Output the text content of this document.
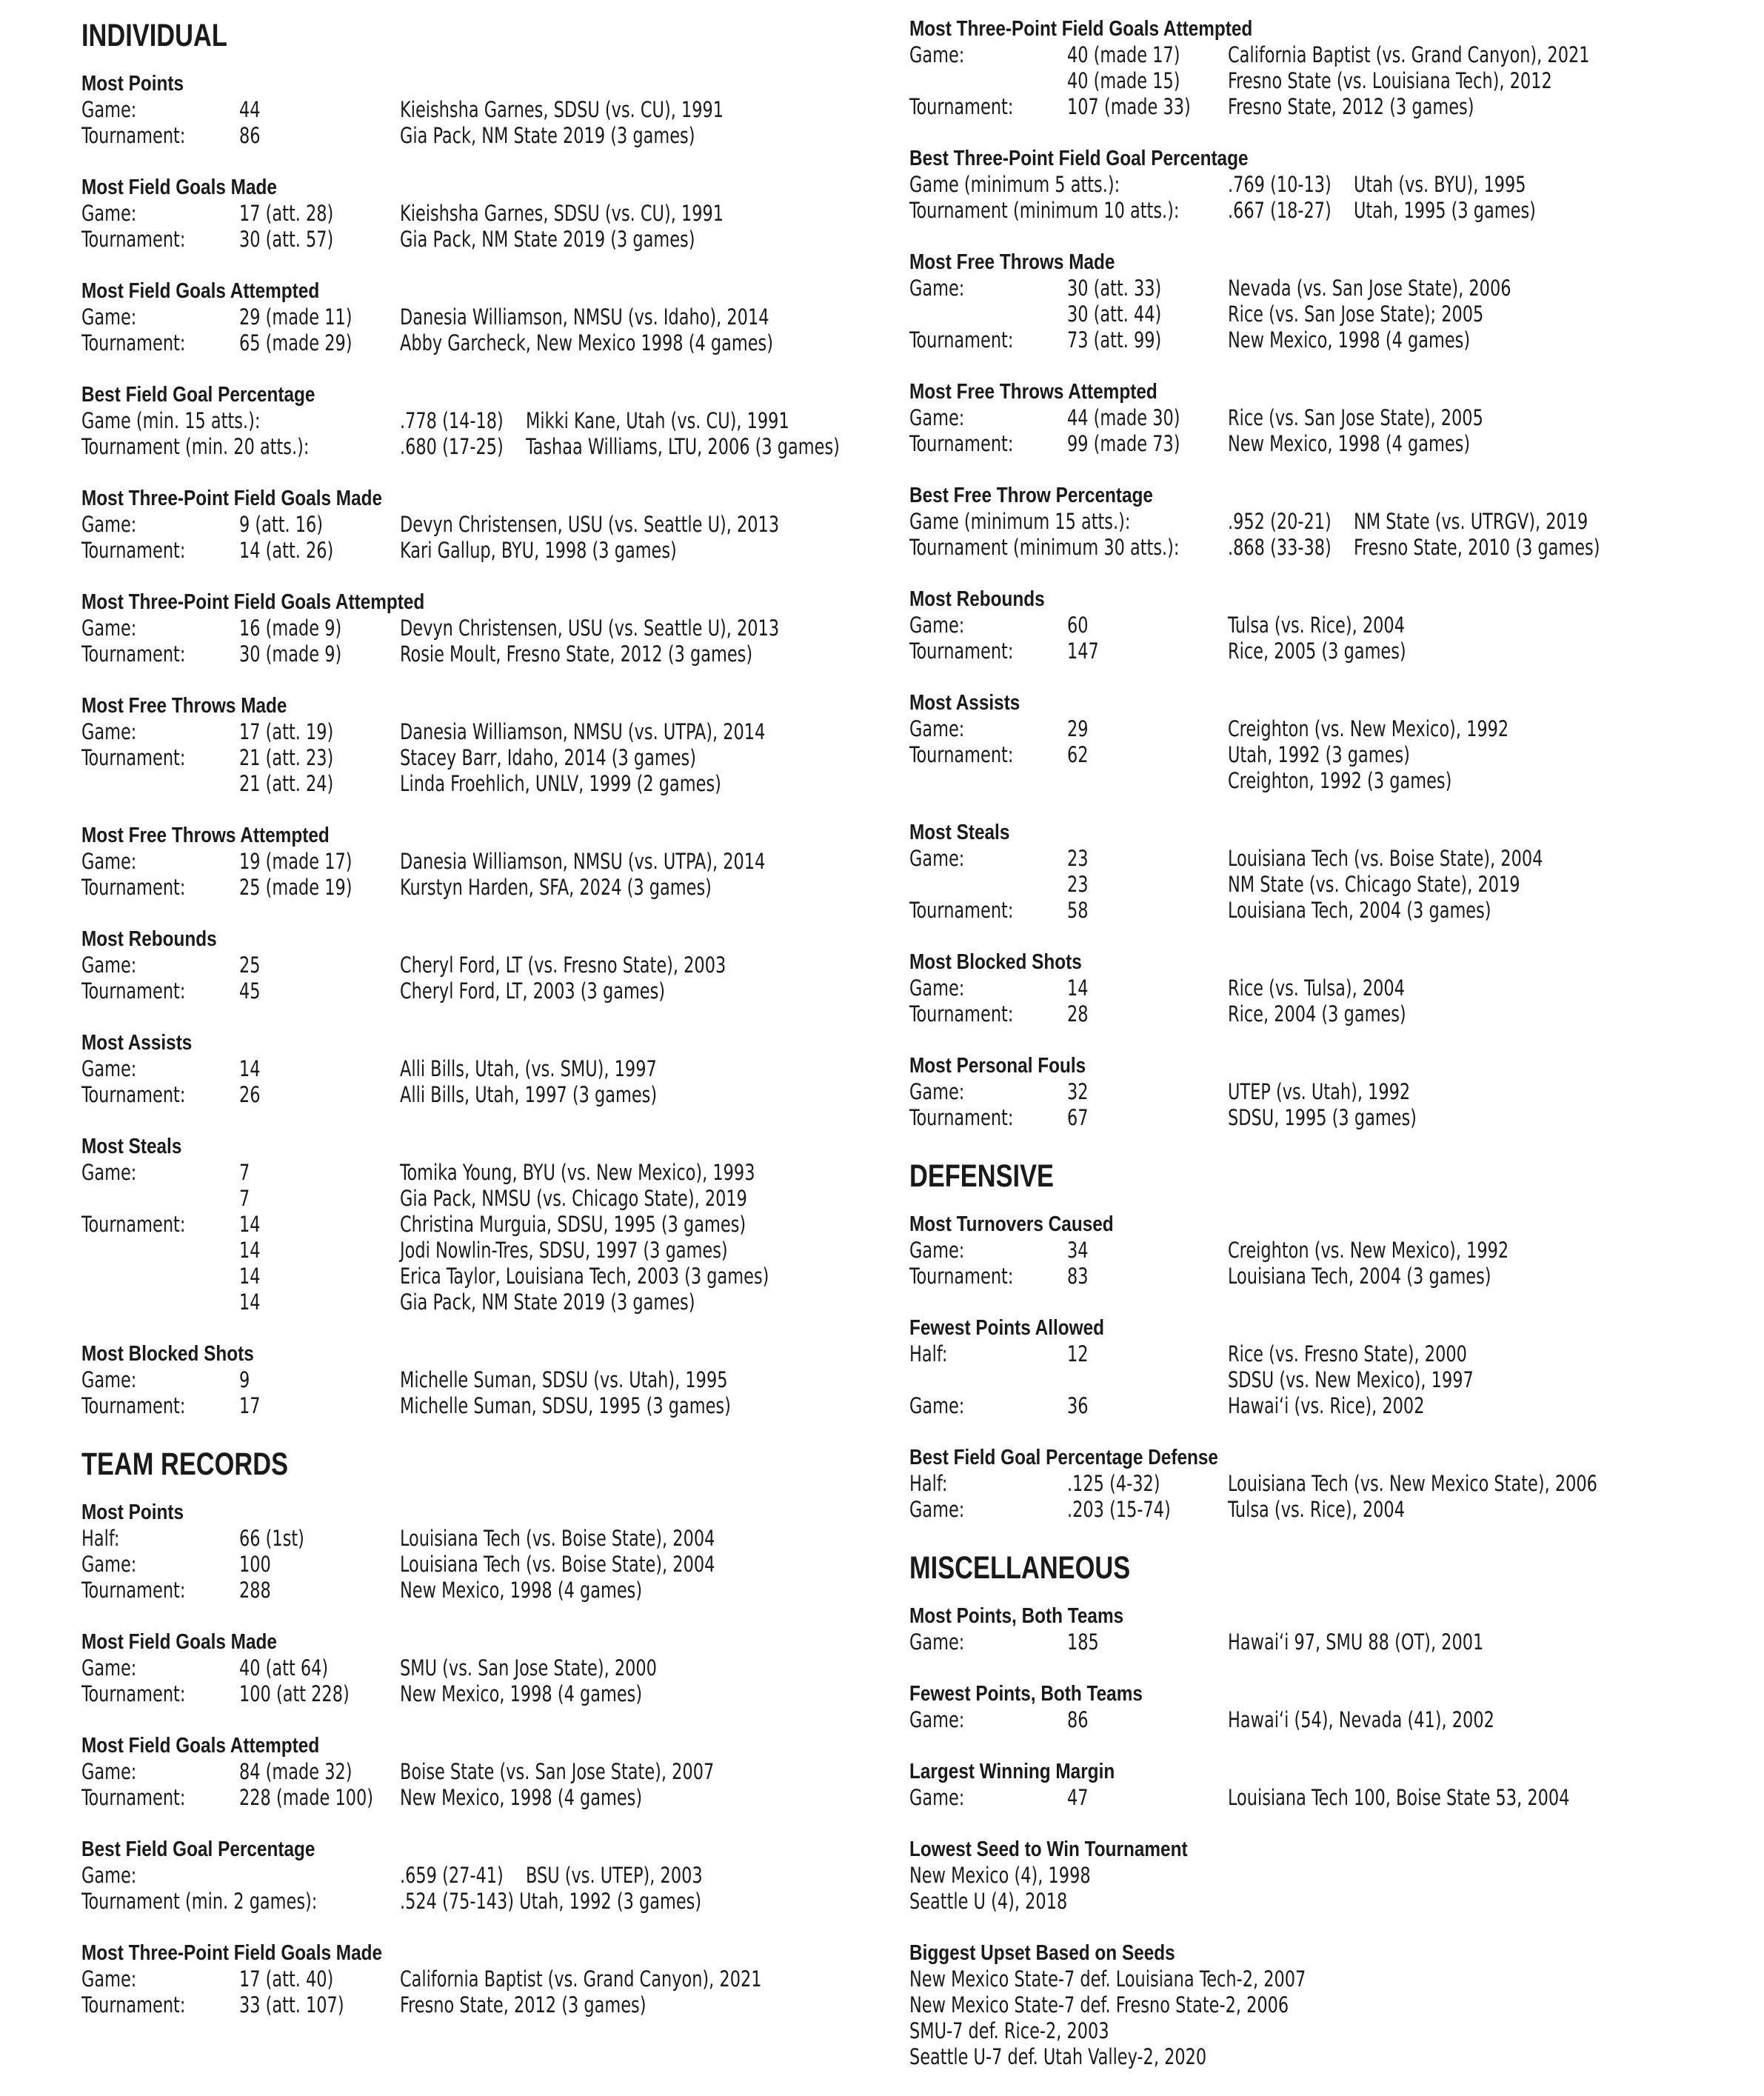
INDIVIDUAL
Most Points
Game:	44	Kieishsha Garnes, SDSU (vs. CU), 1991
Tournament:	86	Gia Pack, NM State 2019 (3 games)
Most Field Goals Made
Game:	17 (att. 28)	Kieishsha Garnes, SDSU (vs. CU), 1991
Tournament:	30 (att. 57)	Gia Pack, NM State 2019 (3 games)
Most Field Goals Attempted
Game:	29 (made 11) Danesia Williamson, NMSU (vs. Idaho), 2014
Tournament:	65 (made 29) Abby Garcheck, New Mexico 1998 (4 games)
Best Field Goal Percentage
Game (min. 15 atts.):	.778 (14-18) Mikki Kane, Utah (vs. CU), 1991
Tournament (min. 20 atts.):	.680 (17-25) Tashaa Williams, LTU, 2006 (3 games)
Most Three-Point Field Goals Made
Game:	9 (att. 16)	Devyn Christensen, USU (vs. Seattle U), 2013
Tournament:	14 (att. 26)	Kari Gallup, BYU, 1998 (3 games)
Most Three-Point Field Goals Attempted
Game:	16 (made 9)	Devyn Christensen, USU (vs. Seattle U), 2013
Tournament:	30 (made 9)	Rosie Moult, Fresno State, 2012 (3 games)
Most Free Throws Made
Game:	17 (att. 19)	Danesia Williamson, NMSU (vs. UTPA), 2014
Tournament:	21 (att. 23)	Stacey Barr, Idaho, 2014 (3 games)
21 (att. 24)	Linda Froehlich, UNLV, 1999 (2 games)
Most Free Throws Attempted
Game:	19 (made 17) Danesia Williamson, NMSU (vs. UTPA), 2014
Tournament:	25 (made 19) Kurstyn Harden, SFA, 2024 (3 games)
Most Rebounds
Game:	25	Cheryl Ford, LT (vs. Fresno State), 2003
Tournament:	45	Cheryl Ford, LT, 2003 (3 games)
Most Assists
Game:	14	Alli Bills, Utah, (vs. SMU), 1997
Tournament:	26	Alli Bills, Utah, 1997 (3 games)
Most Steals
Game:	7	Tomika Young, BYU (vs. New Mexico), 1993
7	Gia Pack, NMSU (vs. Chicago State), 2019
Tournament:	14	Christina Murguia, SDSU, 1995 (3 games)
14	Jodi Nowlin-Tres, SDSU, 1997 (3 games)
14	Erica Taylor, Louisiana Tech, 2003 (3 games)
14	Gia Pack, NM State 2019 (3 games)
Most Blocked Shots
Game:	9	Michelle Suman, SDSU (vs. Utah), 1995
Tournament:	17	Michelle Suman, SDSU, 1995 (3 games)
TEAM RECORDS
Most Points
Half:	66 (1st)	Louisiana Tech (vs. Boise State), 2004
Game:	100	Louisiana Tech (vs. Boise State), 2004
Tournament:	288	New Mexico, 1998 (4 games)
Most Field Goals Made
Game:	40 (att 64)	SMU (vs. San Jose State), 2000
Tournament:	100 (att 228) New Mexico, 1998 (4 games)
Most Field Goals Attempted
Game:	84 (made 32) Boise State (vs. San Jose State), 2007
Tournament:	228 (made 100) New Mexico, 1998 (4 games)
Best Field Goal Percentage
Game:	.659 (27-41) BSU (vs. UTEP), 2003
Tournament (min. 2 games):	.524 (75-143) Utah, 1992 (3 games)
Most Three-Point Field Goals Made
Game:	17 (att. 40)	California Baptist (vs. Grand Canyon), 2021
Tournament:	33 (att. 107)	Fresno State, 2012 (3 games)
Most Three-Point Field Goals Attempted
Game:	40 (made 17) California Baptist (vs. Grand Canyon), 2021
40 (made 15) Fresno State (vs. Louisiana Tech), 2012
Tournament:	107 (made 33) Fresno State, 2012 (3 games)
Best Three-Point Field Goal Percentage
Game (minimum 5 atts.):	.769 (10-13) Utah (vs. BYU), 1995
Tournament (minimum 10 atts.): .667 (18-27) Utah, 1995 (3 games)
Most Free Throws Made
Game:	30 (att. 33)	Nevada (vs. San Jose State), 2006
30 (att. 44)	Rice (vs. San Jose State); 2005
Tournament:	73 (att. 99)	New Mexico, 1998 (4 games)
Most Free Throws Attempted
Game:	44 (made 30) Rice (vs. San Jose State), 2005
Tournament:	99 (made 73) New Mexico, 1998 (4 games)
Best Free Throw Percentage
Game (minimum 15 atts.):	.952 (20-21) NM State (vs. UTRGV), 2019
Tournament (minimum 30 atts.): .868 (33-38) Fresno State, 2010 (3 games)
Most Rebounds
Game:	60	Tulsa (vs. Rice), 2004
Tournament:	147	Rice, 2005 (3 games)
Most Assists
Game:	29	Creighton (vs. New Mexico), 1992
Tournament:	62	Utah, 1992 (3 games)
Creighton, 1992 (3 games)
Most Steals
Game:	23	Louisiana Tech (vs. Boise State), 2004
23	NM State (vs. Chicago State), 2019
Tournament:	58	Louisiana Tech, 2004 (3 games)
Most Blocked Shots
Game:	14	Rice (vs. Tulsa), 2004
Tournament:	28	Rice, 2004 (3 games)
Most Personal Fouls
Game:	32	UTEP (vs. Utah), 1992
Tournament:	67	SDSU, 1995 (3 games)
DEFENSIVE
Most Turnovers Caused
Game:	34	Creighton (vs. New Mexico), 1992
Tournament:	83	Louisiana Tech, 2004 (3 games)
Fewest Points Allowed
Half:	12	Rice (vs. Fresno State), 2000
SDSU (vs. New Mexico), 1997
Game:	36	Hawai‘i (vs. Rice), 2002
Best Field Goal Percentage Defense
Half:	.125 (4-32)	Louisiana Tech (vs. New Mexico State), 2006
Game:	.203 (15-74)	Tulsa (vs. Rice), 2004
MISCELLANEOUS
Most Points, Both Teams
Game:	185	Hawai‘i 97, SMU 88 (OT), 2001
Fewest Points, Both Teams
Game:	86	Hawai‘i (54), Nevada (41), 2002
Largest Winning Margin
Game:	47	Louisiana Tech 100, Boise State 53, 2004
Lowest Seed to Win Tournament
New Mexico (4), 1998
Seattle U (4), 2018
Biggest Upset Based on Seeds
New Mexico State-7 def. Louisiana Tech-2, 2007
New Mexico State-7 def. Fresno State-2, 2006
SMU-7 def. Rice-2, 2003
Seattle U-7 def. Utah Valley-2, 2020
